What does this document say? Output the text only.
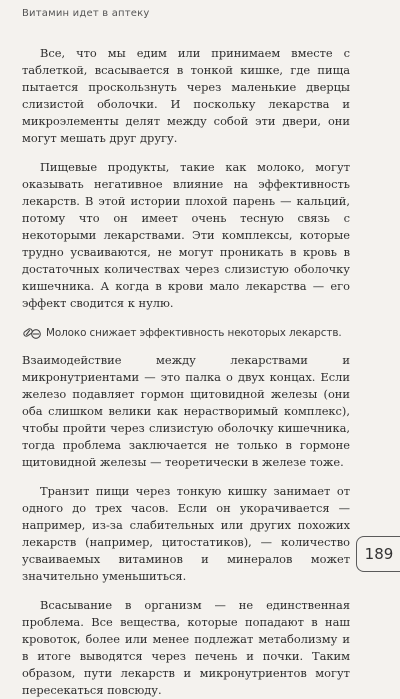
Витамин идет в аптеку

Все, что мы едим или принимаем вместе с таблеткой, всасывается в тонкой кишке, где пища пытается проскользнуть через маленькие дверцы слизистой оболочки. И поскольку лекарства и микроэлементы делят между собой эти двери, они могут мешать друг другу.

Пищевые продукты, такие как молоко, могут оказывать негативное влияние на эффективность лекарств. В этой истории плохой парень — кальций, потому что он имеет очень тесную связь с некоторыми лекарствами. Эти комплексы, которые трудно усваиваются, не могут проникать в кровь в достаточных количествах через слизистую оболочку кишечника. А когда в крови мало лекарства — его эффект сводится к нулю.

Молоко снижает эффективность некоторых лекарств.

Взаимодействие между лекарствами и микронутриентами — это палка о двух концах. Если железо подавляет гормон щитовидной железы (они оба слишком велики как нерастворимый комплекс), чтобы пройти через слизистую оболочку кишечника, тогда проблема заключается не только в гормоне щитовидной железы — теоретически в железе тоже.

Транзит пищи через тонкую кишку занимает от одного до трех часов. Если он укорачивается — например, из-за слабительных или других похожих лекарств (например, цитостатиков), — количество усваиваемых витаминов и минералов может значительно уменьшиться.

Всасывание в организм — не единственная проблема. Все вещества, которые попадают в наш кровоток, более или менее подлежат метаболизму и в итоге выводятся через печень и почки. Таким образом, пути лекарств и микронутриентов могут пересекаться повсюду.

189
